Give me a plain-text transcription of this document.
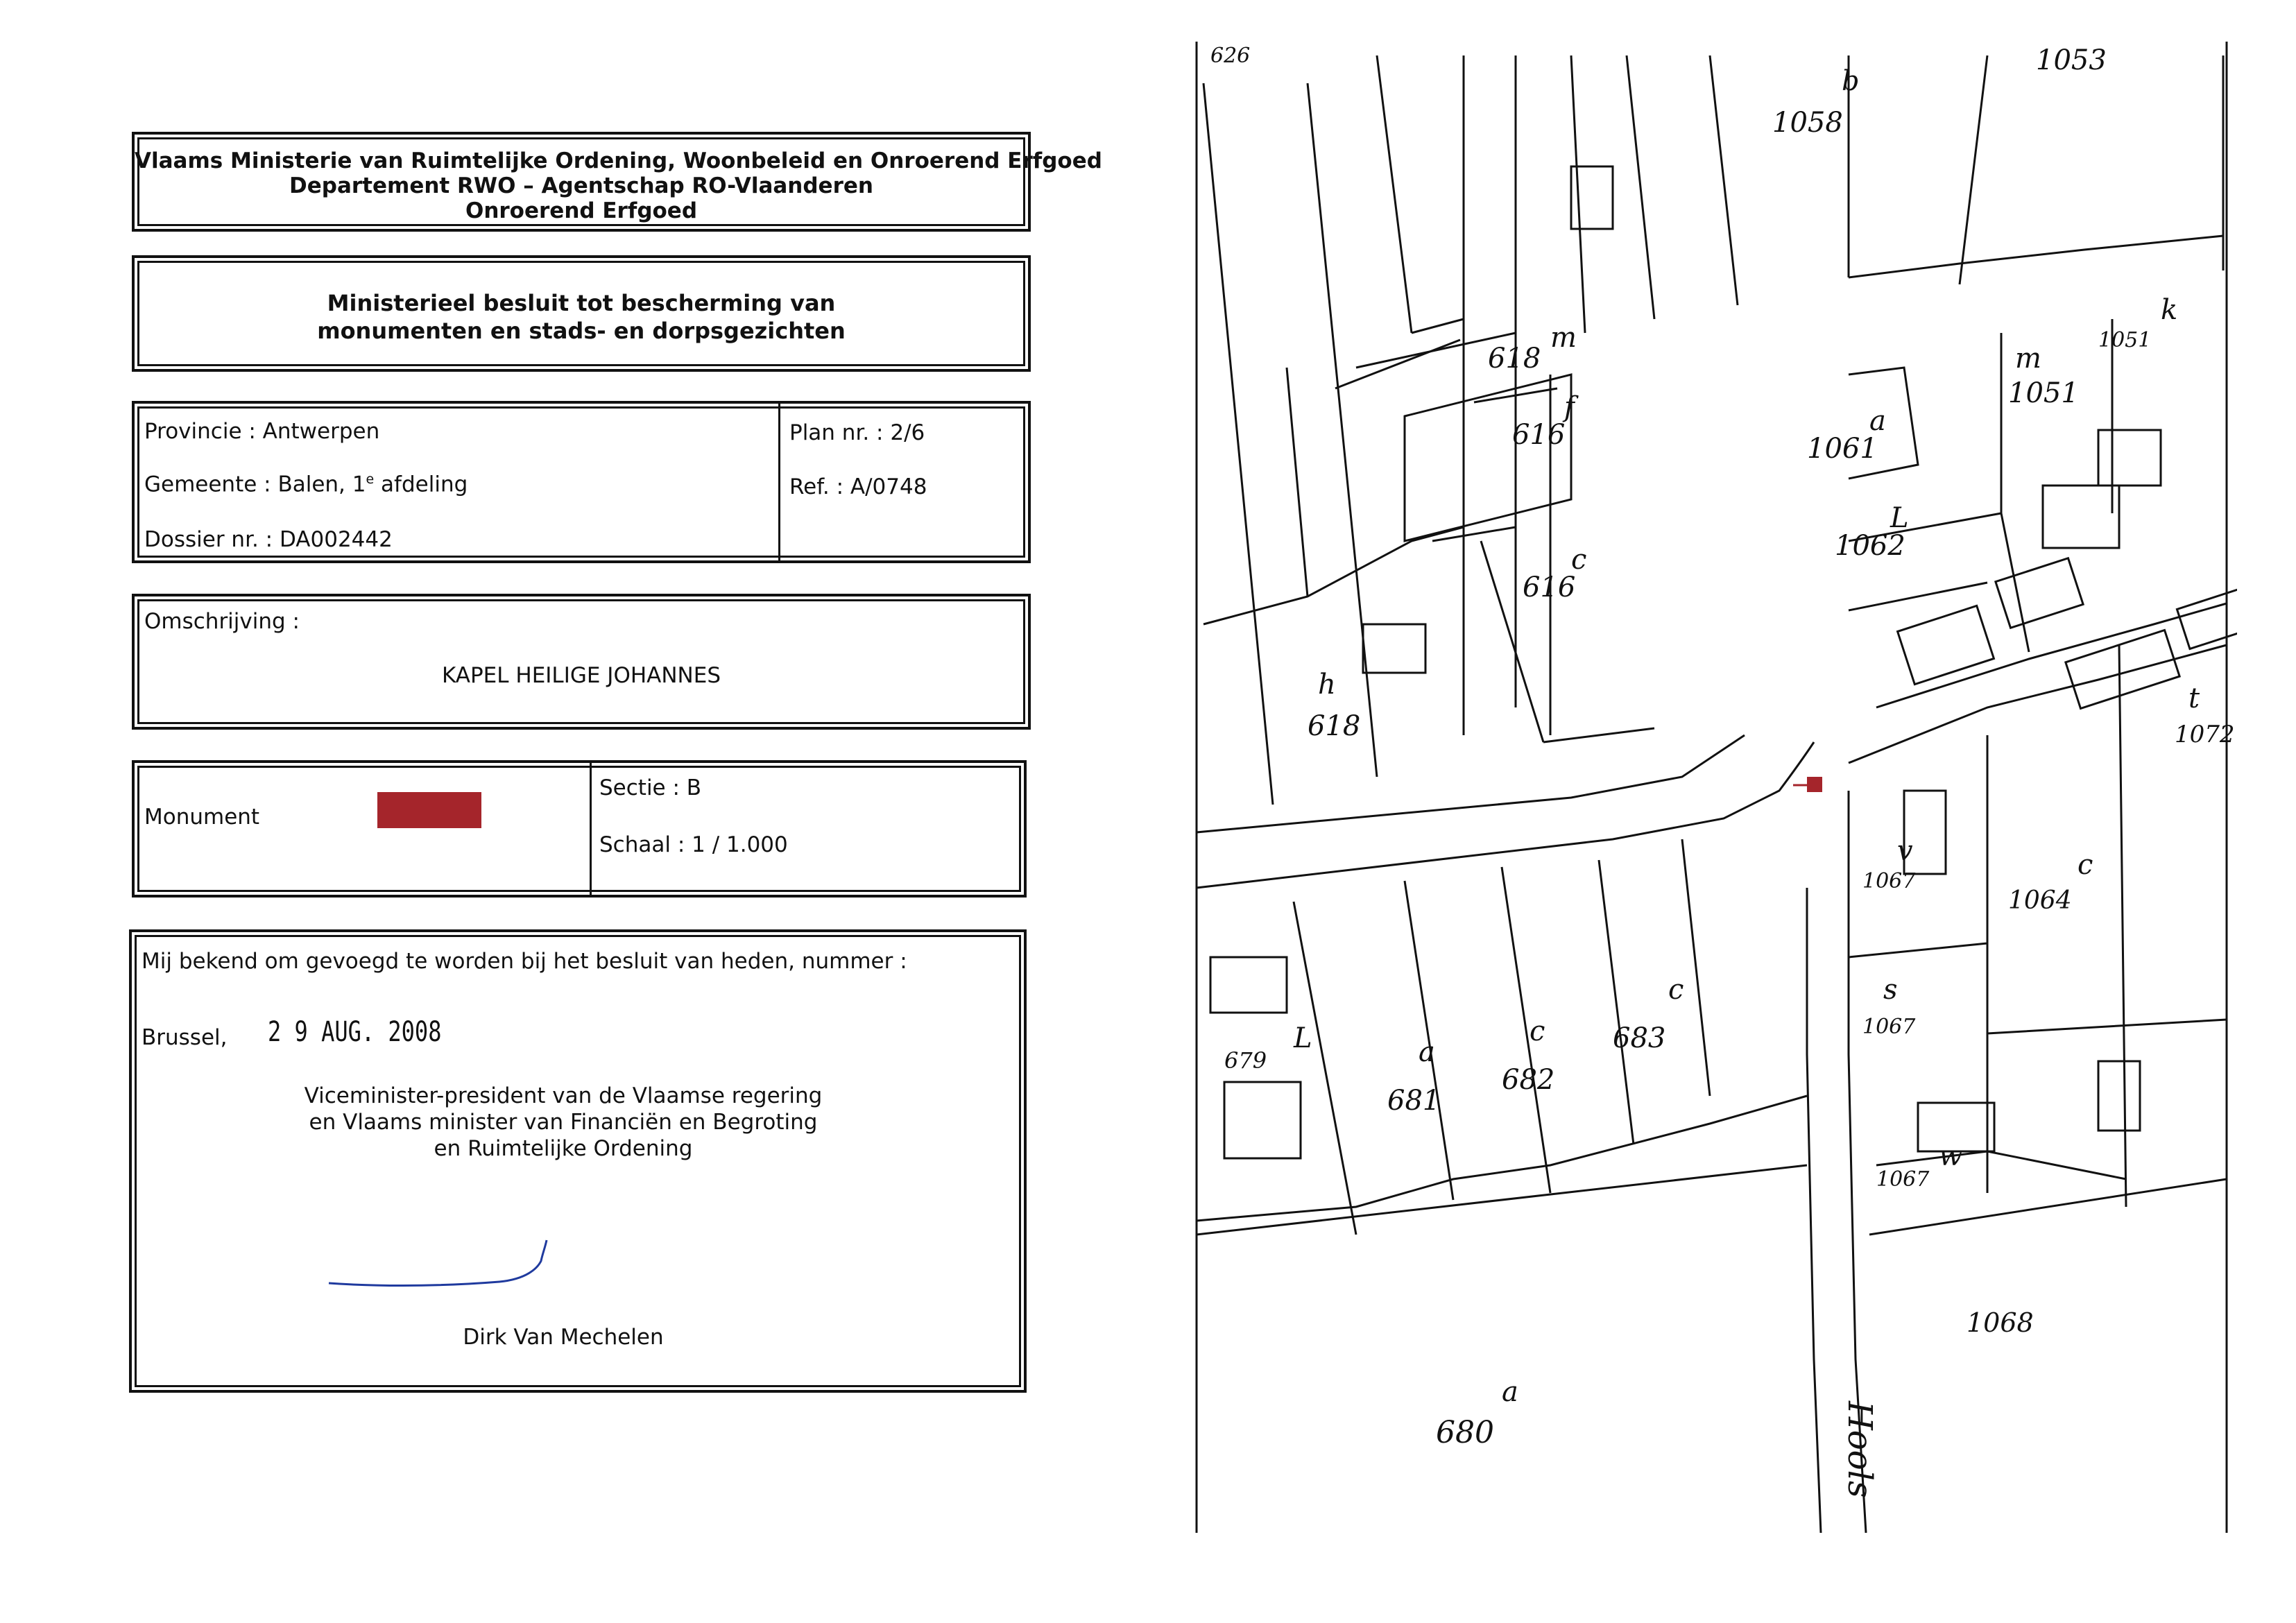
Vlaams Ministerie van Ruimtelijke Ordening, Woonbeleid en Onroerend Erfgoed
Departement RWO – Agentschap RO-Vlaanderen
Onroerend Erfgoed
Ministerieel besluit tot bescherming van
monumenten en stads- en dorpsgezichten
Provincie : Antwerpen
Gemeente : Balen, 1e afdeling
Dossier nr. : DA002442
Plan nr. : 2/6
Ref. : A/0748
Omschrijving :
KAPEL HEILIGE JOHANNES
Monument
Sectie : B
Schaal : 1 / 1.000
Mij bekend om gevoegd te worden bij het besluit van heden, nummer :
Brussel, 2 9 AUG. 2008
Viceminister-president van de Vlaamse regering
en Vlaams minister van Financiën en Begroting
en Ruimtelijke Ordening
Dirk Van Mechelen
1053
1058
b
618
m
616
f
616
c
1061
a
1051
m
1051
k
1062
L
618
h
1072
t
1067
v
1064
c
1067
s
1067
w
679
L
681
a
682
c 683
c
1068
680
a
626
Hools
